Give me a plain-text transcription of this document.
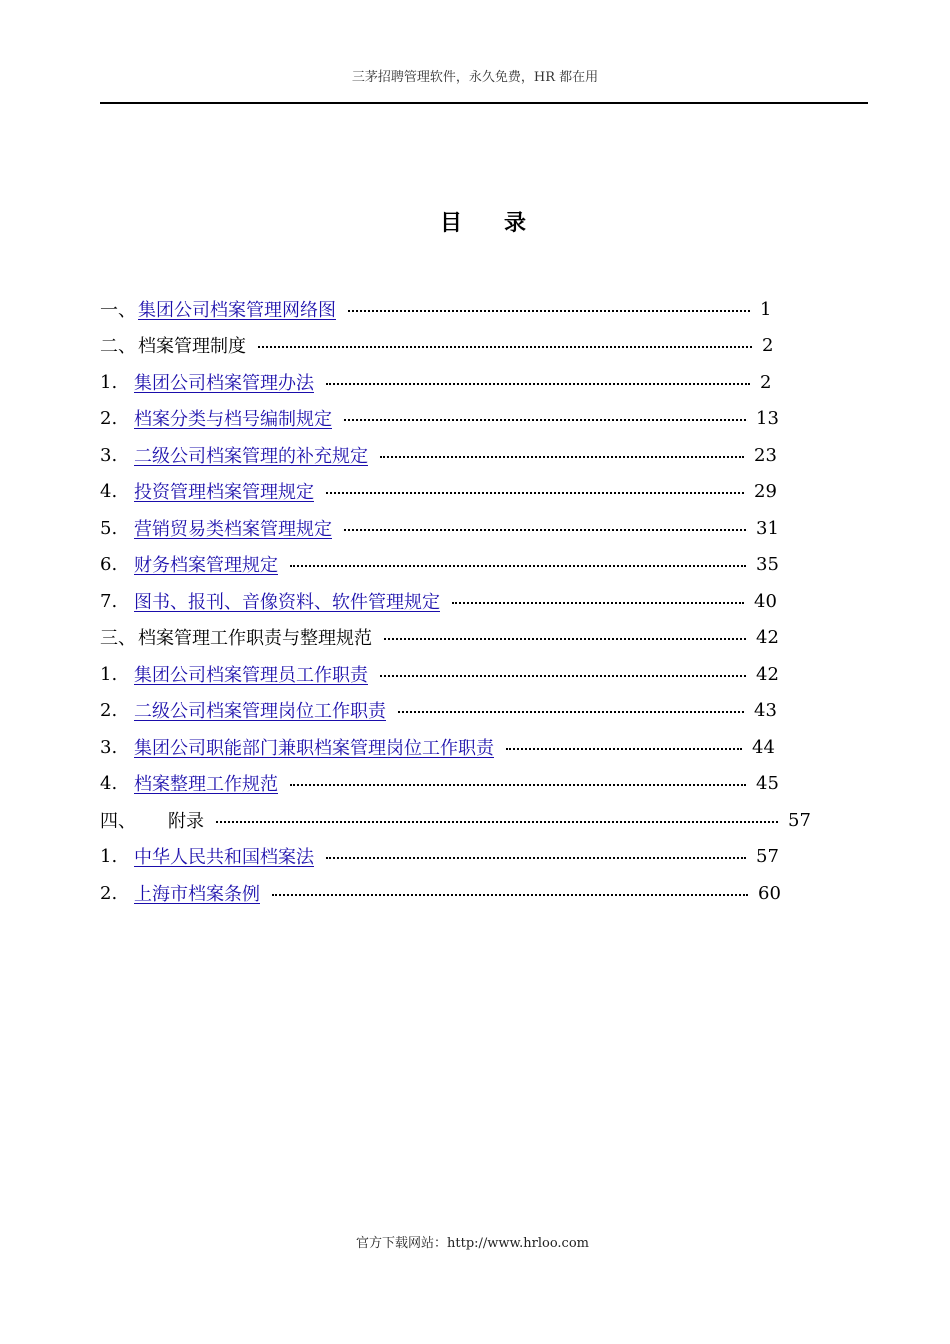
三茅招聘管理软件，永久免费，HR 都在用
目 录
一、 集团公司档案管理网络图	1
二、 档案管理制度	2
1. 集团公司档案管理办法	2
2. 档案分类与档号编制规定	13
3. 二级公司档案管理的补充规定	23
4. 投资管理档案管理规定	29
5. 营销贸易类档案管理规定	31
6. 财务档案管理规定	35
7. 图书、报刊、音像资料、软件管理规定	40
三、 档案管理工作职责与整理规范	42
1. 集团公司档案管理员工作职责	42
2. 二级公司档案管理岗位工作职责	43
3. 集团公司职能部门兼职档案管理岗位工作职责	44
4. 档案整理工作规范	45
四、	附录	57
1. 中华人民共和国档案法	57
2. 上海市档案条例	60
官方下载网站：http://www.hrloo.com
